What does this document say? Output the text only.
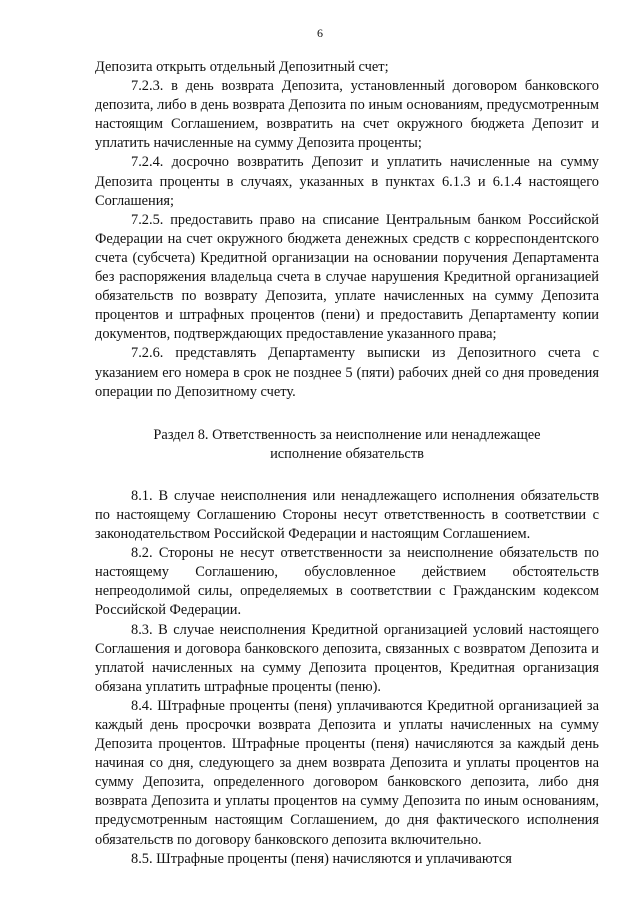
6

Депозита открыть отдельный Депозитный счет;

7.2.3. в день возврата Депозита, установленный договором банковского депозита, либо в день возврата Депозита по иным основаниям, предусмотренным настоящим Соглашением, возвратить на счет окружного бюджета Депозит и уплатить начисленные на сумму Депозита проценты;

7.2.4. досрочно возвратить Депозит и уплатить начисленные на сумму Депозита проценты в случаях, указанных в пунктах 6.1.3 и 6.1.4 настоящего Соглашения;

7.2.5. предоставить право на списание Центральным банком Российской Федерации на счет окружного бюджета денежных средств с корреспондентского счета (субсчета) Кредитной организации на основании поручения Департамента без распоряжения владельца счета в случае нарушения Кредитной организацией обязательств по возврату Депозита, уплате начисленных на сумму Депозита процентов и штрафных процентов (пени) и предоставить Департаменту копии документов, подтверждающих предоставление указанного права;

7.2.6. представлять Департаменту выписки из Депозитного счета с указанием его номера в срок не позднее 5 (пяти) рабочих дней со дня проведения операции по Депозитному счету.

Раздел 8. Ответственность за неисполнение или ненадлежащее
исполнение обязательств

8.1. В случае неисполнения или ненадлежащего исполнения обязательств по настоящему Соглашению Стороны несут ответственность в соответствии с законодательством Российской Федерации и настоящим Соглашением.

8.2. Стороны не несут ответственности за неисполнение обязательств по настоящему Соглашению, обусловленное действием обстоятельств непреодолимой силы, определяемых в соответствии с Гражданским кодексом Российской Федерации.

8.3. В случае неисполнения Кредитной организацией условий настоящего Соглашения и договора банковского депозита, связанных с возвратом Депозита и уплатой начисленных на сумму Депозита процентов, Кредитная организация обязана уплатить штрафные проценты (пеню).

8.4. Штрафные проценты (пеня) уплачиваются Кредитной организацией за каждый день просрочки возврата Депозита и уплаты начисленных на сумму Депозита процентов. Штрафные проценты (пеня) начисляются за каждый день начиная со дня, следующего за днем возврата Депозита и уплаты процентов на сумму Депозита, определенного договором банковского депозита, либо дня возврата Депозита и уплаты процентов на сумму Депозита по иным основаниям, предусмотренным настоящим Соглашением, до дня фактического исполнения обязательств по договору банковского депозита включительно.

8.5. Штрафные проценты (пеня) начисляются и уплачиваются
